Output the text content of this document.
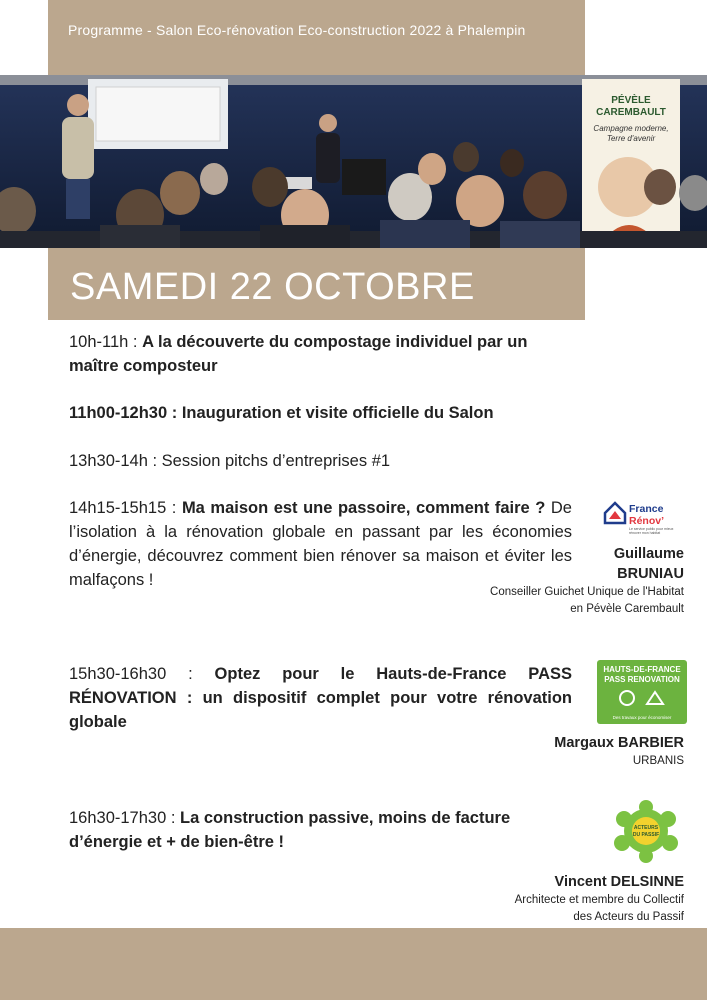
Programme - Salon Eco-rénovation Eco-construction 2022 à Phalempin
PÉVÈLE
CAREMBAULT
Campagne moderne,
Terre d'avenir
SAMEDI 22 OCTOBRE
10h-11h : A la découverte du compostage individuel par un maître composteur
11h00-12h30 : Inauguration et visite officielle du Salon
13h30-14h : Session pitchs d’entreprises #1
14h15-15h15 : Ma maison est une passoire, comment faire ? De l’isolation à la rénovation globale en passant par les économies d’énergie, découvrez comment bien rénover sa maison et éviter les malfaçons !
France
Rénov’
Le service public pour mieux rénover mon habitat
Guillaume
BRUNIAU
Conseiller Guichet Unique de l'Habitat
en Pévèle Carembault
15h30-16h30 : Optez pour le Hauts-de-France PASS RÉNOVATION : un dispositif complet pour votre rénovation globale
HAUTS-DE-FRANCE
PASS RENOVATION
Des travaux pour économiser
Margaux BARBIER
URBANIS
16h30-17h30 : La construction passive, moins de facture d’énergie et + de bien-être !
ACTEURS
DU PASSIF
Vincent DELSINNE
Architecte et membre du Collectif
des Acteurs du Passif
